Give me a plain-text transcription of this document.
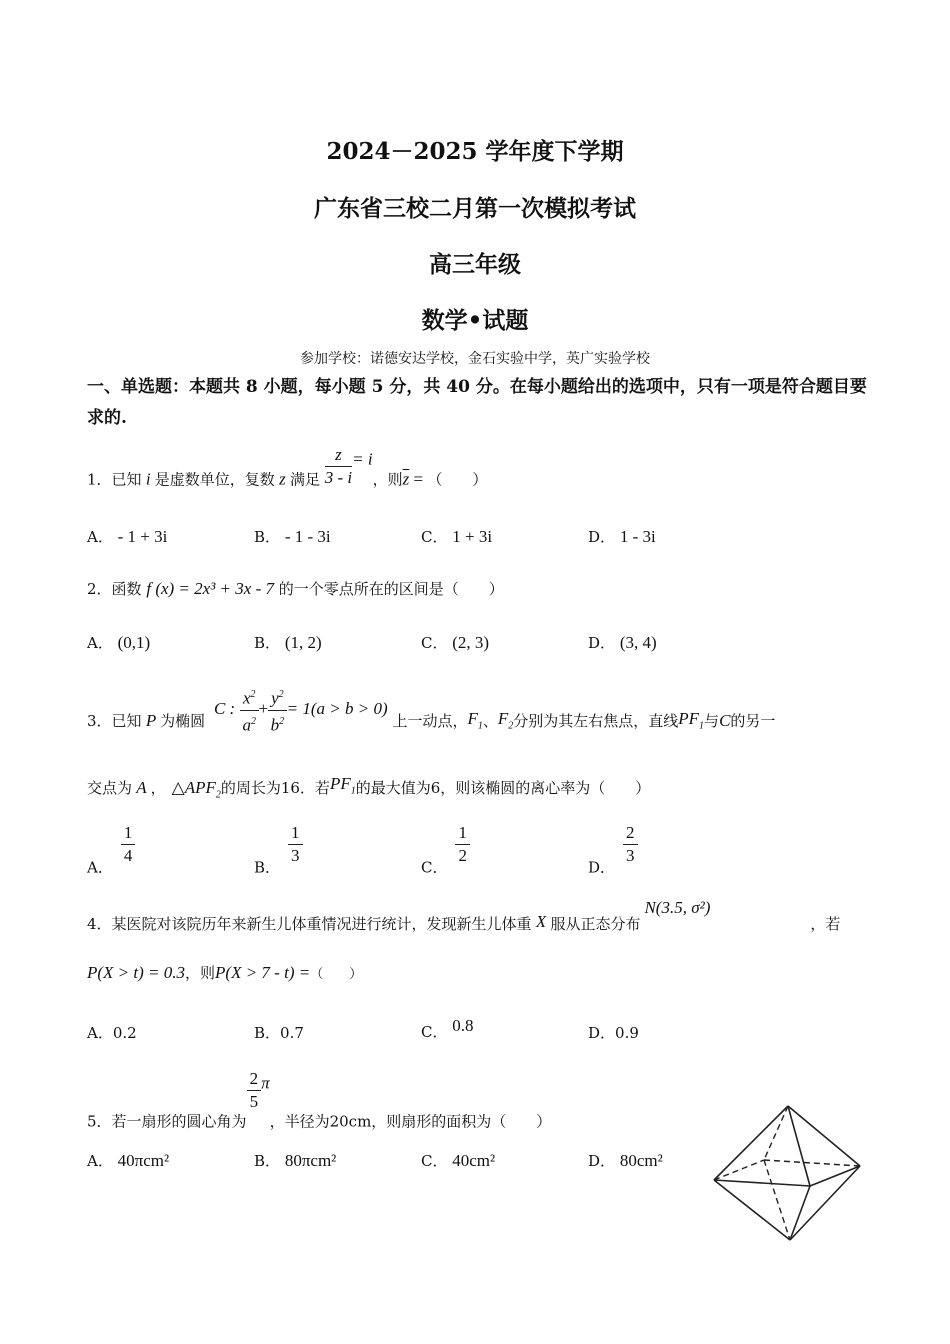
2024－2025 学年度下学期
广东省三校二月第一次模拟考试
高三年级
数学•试题
参加学校：诺德安达学校，金石实验中学，英广实验学校
一、单选题：本题共 8 小题，每小题 5 分，共 40 分。在每小题给出的选项中，只有一项是符合题目要求的.
1．已知 i 是虚数单位，复数 z 满足 $\frac{z}{3 - i} = i$，则$\overline{z}$ = （　　）
A． - 1 + 3i	B． - 1 - 3i	C． 1 + 3i	D． 1 - 3i
2．函数 f (x) = 2x³ + 3x - 7 的一个零点所在的区间是（　　）
A． (0,1)	B． (1, 2)	C． (2, 3)	D． (3, 4)
3．已知 P 为椭圆 C : $\frac{x^2}{a^2} + \frac{y^2}{b^2} = 1(a > b > 0)$ 上一动点，$F_1$、$F_2$分别为其左右焦点，直线$PF_1$与C的另一
交点为 A ， $\triangle APF_2$的周长为16．若$PF_1$的最大值为6，则该椭圆的离心率为（　　）
A．
$\frac{1}{4}$
B．
$\frac{1}{3}$
C．
$\frac{1}{2}$
D．
$\frac{2}{3}$
4．某医院对该院历年来新生儿体重情况进行统计，发现新生儿体重 X 服从正态分布N(3.5, σ²)，若
P(X > t) = 0.3，则P(X > 7 - t) =（　　）
A．0.2	B．0.7	C． 0.8	D．0.9
5．若一扇形的圆心角为
$\frac{2}{5}$ π，半径为20cm，则扇形的面积为（　　）
A． 40πcm²	B． 80πcm²	C． 40cm²	D． 80cm²
